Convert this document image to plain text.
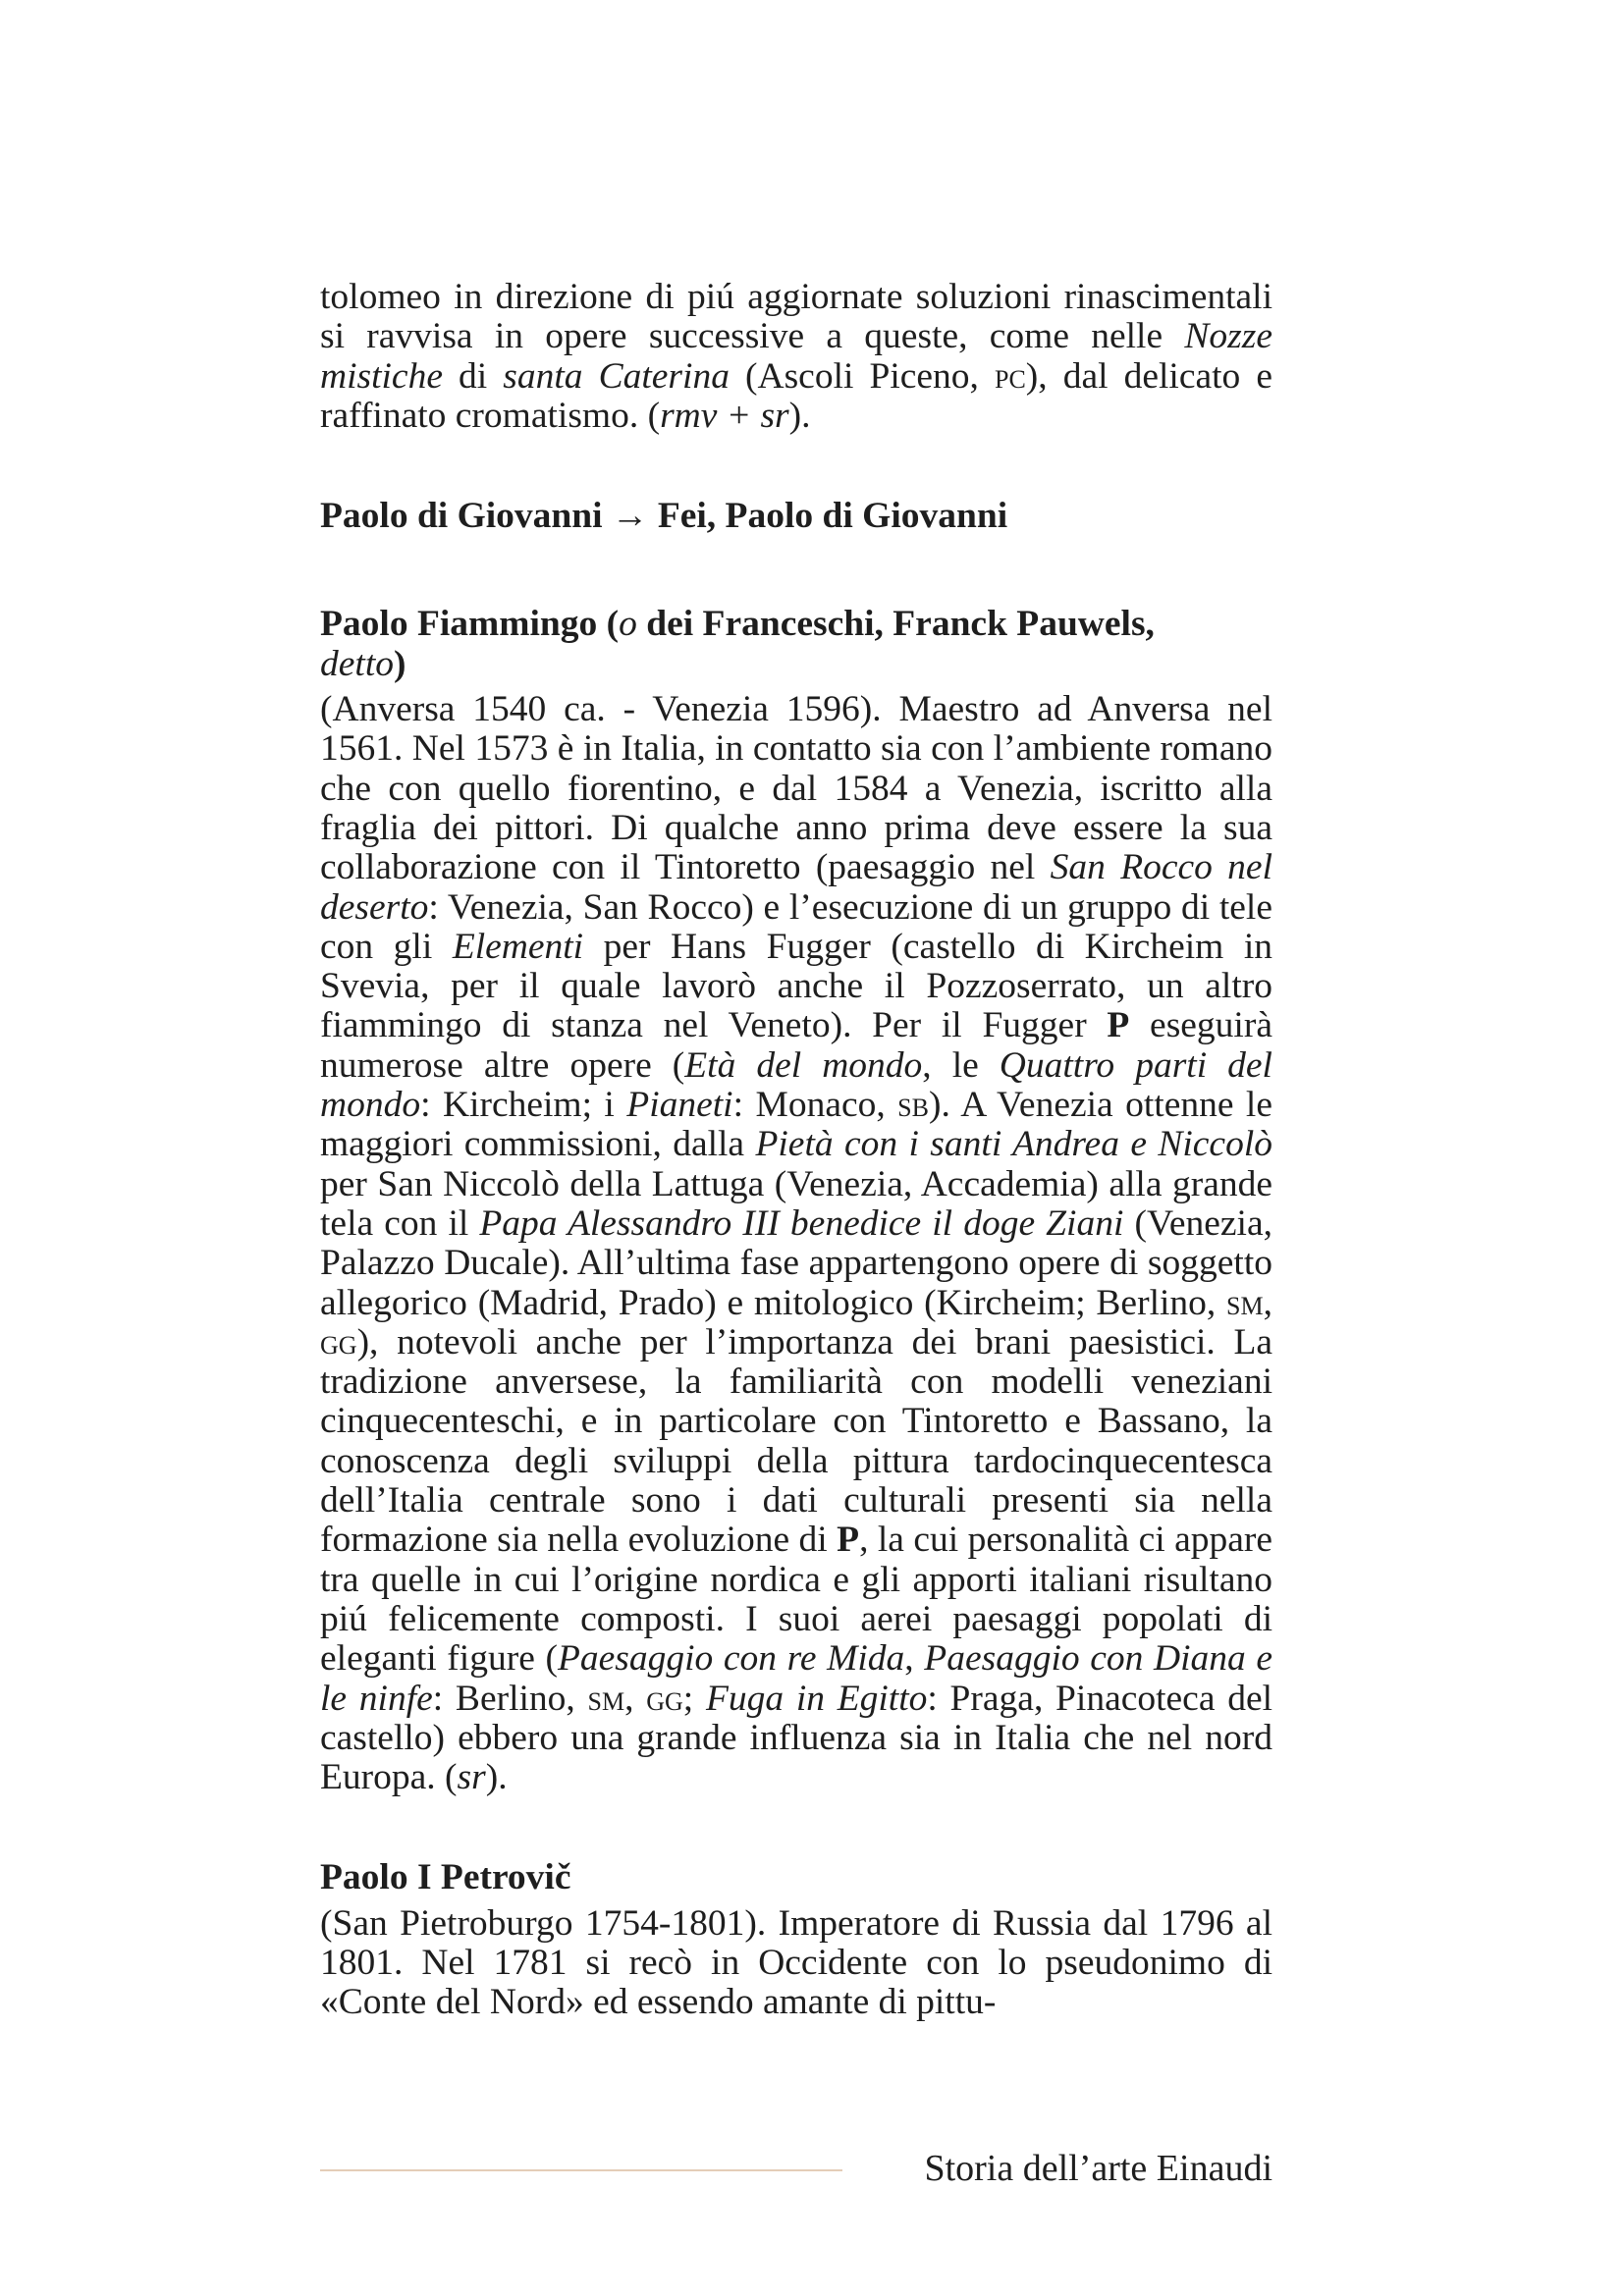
tolomeo in direzione di piú aggiornate soluzioni rinascimentali si ravvisa in opere successive a queste, come nelle Nozze mistiche di santa Caterina (Ascoli Piceno, pc), dal delicato e raffinato cromatismo. (rmv + sr).

Paolo di Giovanni → Fei, Paolo di Giovanni

Paolo Fiammingo (o dei Franceschi, Franck Pauwels,
detto)

(Anversa 1540 ca. - Venezia 1596). Maestro ad Anversa nel 1561. Nel 1573 è in Italia, in contatto sia con l’ambiente romano che con quello fiorentino, e dal 1584 a Venezia, iscritto alla fraglia dei pittori. Di qualche anno prima deve essere la sua collaborazione con il Tintoretto (paesaggio nel San Rocco nel deserto: Venezia, San Rocco) e l’esecuzione di un gruppo di tele con gli Elementi per Hans Fugger (castello di Kircheim in Svevia, per il quale lavorò anche il Pozzoserrato, un altro fiammingo di stanza nel Veneto). Per il Fugger P eseguirà numerose altre opere (Età del mondo, le Quattro parti del mondo: Kircheim; i Pianeti: Monaco, sb). A Venezia ottenne le maggiori commissioni, dalla Pietà con i santi Andrea e Niccolò per San Niccolò della Lattuga (Venezia, Accademia) alla grande tela con il Papa Alessandro III benedice il doge Ziani (Venezia, Palazzo Ducale). All’ultima fase appartengono opere di soggetto allegorico (Madrid, Prado) e mitologico (Kircheim; Berlino, sm, gg), notevoli anche per l’importanza dei brani paesistici. La tradizione anversese, la familiarità con modelli veneziani cinquecenteschi, e in particolare con Tintoretto e Bassano, la conoscenza degli sviluppi della pittura tardocinquecentesca dell’Italia centrale sono i dati culturali presenti sia nella formazione sia nella evoluzione di P, la cui personalità ci appare tra quelle in cui l’origine nordica e gli apporti italiani risultano piú felicemente composti. I suoi aerei paesaggi popolati di eleganti figure (Paesaggio con re Mida, Paesaggio con Diana e le ninfe: Berlino, sm, gg; Fuga in Egitto: Praga, Pinacoteca del castello) ebbero una grande influenza sia in Italia che nel nord Europa. (sr).

Paolo I Petrovič

(San Pietroburgo 1754-1801). Imperatore di Russia dal 1796 al 1801. Nel 1781 si recò in Occidente con lo pseudonimo di «Conte del Nord» ed essendo amante di pittu-

Storia dell’arte Einaudi
